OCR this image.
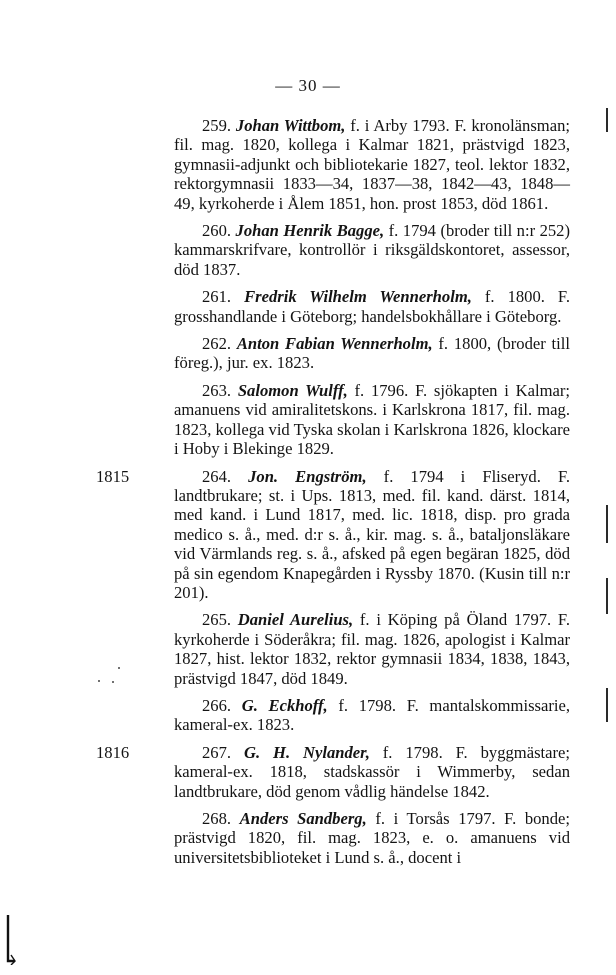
— 30 —

259. Johan Wittbom, f. i Arby 1793. F. kronolänsman; fil. mag. 1820, kollega i Kalmar 1821, prästvigd 1823, gymnasii-adjunkt och bibliotekarie 1827, teol. lektor 1832, rektorgymnasii 1833—34, 1837—38, 1842—43, 1848—49, kyrkoherde i Ålem 1851, hon. prost 1853, död 1861.

260. Johan Henrik Bagge, f. 1794 (broder till n:r 252) kammarskrifvare, kontrollör i riksgäldskontoret, assessor, död 1837.

261. Fredrik Wilhelm Wennerholm, f. 1800. F. grosshandlande i Göteborg; handelsbokhållare i Göteborg.

262. Anton Fabian Wennerholm, f. 1800, (broder till föreg.), jur. ex. 1823.

263. Salomon Wulff, f. 1796. F. sjökapten i Kalmar; amanuens vid amiralitetskons. i Karlskrona 1817, fil. mag. 1823, kollega vid Tyska skolan i Karlskrona 1826, klockare i Hoby i Blekinge 1829.

1815	264. Jon. Engström, f. 1794 i Fliseryd. F. landtbrukare; st. i Ups. 1813, med. fil. kand. därst. 1814, med kand. i Lund 1817, med. lic. 1818, disp. pro grada medico s. å., med. d:r s. å., kir. mag. s. å., bataljonsläkare vid Värmlands reg. s. å., afsked på egen begäran 1825, död på sin egendom Knapegården i Ryssby 1870. (Kusin till n:r 201).

265. Daniel Aurelius, f. i Köping på Öland 1797. F. kyrkoherde i Söderåkra; fil. mag. 1826, apologist i Kalmar 1827, hist. lektor 1832, rektor gymnasii 1834, 1838, 1843, prästvigd 1847, död 1849.

266. G. Eckhoff, f. 1798. F. mantalskommissarie, kameral-ex. 1823.

1816	267. G. H. Nylander, f. 1798. F. byggmästare; kameral-ex. 1818, stadskassör i Wimmerby, sedan landtbrukare, död genom vådlig händelse 1842.

268. Anders Sandberg, f. i Torsås 1797. F. bonde; prästvigd 1820, fil. mag. 1823, e. o. amanuens vid universitetsbiblioteket i Lund s. å., docent i
